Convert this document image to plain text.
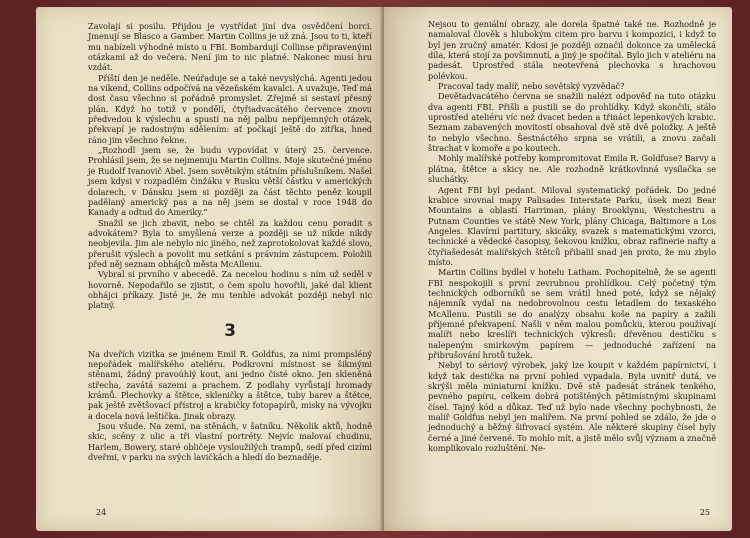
Zavolají si posilu. Přijdou je vystřídat jiní dva osvědčení borci. Jmenují se Blasco a Gamber. Martin Collins je už zná. Jsou to ti, kteří mu nabízeli výhodné místo u FBI. Bombardují Collinse připravenými otázkami až do večera. Není jim to nic platné. Nakonec musí hru vzdát.

Příští den je neděle. Neúřaduje se a také nevyslýchá. Agenti jedou na víkend, Collins odpočívá na vězeňském kavalci. A uvažuje. Teď má dost času všechno si pořádně promyslet. Zřejmě si sestaví přesný plán. Když ho totiž v pondělí, čtyřiadvacátého července znovu předvedou k výslechu a spustí na něj palbu nepříjemných otázek, překvapí je radostným sdělením: ať počkají ještě do zítřka, hned ráno jim všechno řekne.

„Rozhodl jsem se, že budu vypovídat v úterý 25. července. Prohlásil jsem, že se nejmenuju Martin Collins. Moje skutečné jméno je Rudolf Ivanovič Abel. Jsem sovětským státním příslušníkem. Našel jsem kdysi v rozpadlém činžáku v Rusku větší částku v amerických dolarech, v Dánsku jsem si později za část těchto peněz koupil padělaný americký pas a na něj jsem se dostal v roce 1948 do Kanady a odtud do Ameriky.“

Snažil se jich zbavit, nebo se chtěl za každou cenu poradit s advokátem? Byla to smyšlená verze a později se už nikde nikdy neobjevila. Jim ale nebylo nic jiného, než zaprotokolovat každé slovo, přerušit výslech a povolit mu setkání s právním zástupcem. Položili před něj seznam obhájců města McAllenu.

Vybral si prvního v abecedě. Za necelou hodinu s ním už seděl v hovorně. Nepodařilo se zjistit, o čem spolu hovořili, jaké dal klient obhájci příkazy. Jisté je, že mu tenhle advokát později nebyl nic platný.

3

Na dveřích vizitka se jménem Emil R. Goldfus, za nimi prompsléný nepořádek malířského ateliéru. Podkrovní místnost se šikmými stěnami, žádný pravoúhlý kout, ani jedno čisté okno. Jen skleněná střecha, zavátá sazemi a prachem. Z podlahy vyrůstají hromady krámů. Plechovky a štětce, skleničky a štětce, tuby barev a štětce, pak ještě zvětšovací přístroj a krabičky fotopapírů, misky na vývojku a docela nová leštička. Jinak obrazy.

Jsou všude. Na zemi, na stěnách, v šatníku. Několik aktů, hodně skic, scény z ulic a tři vlastní portréty. Nejvíc malovaí chudinu, Harlem, Bowery, staré obličeje vysloužilých trampů, sedí před cizími dveřmi, v parku na svých lavičkách a hledí do beznaděje.

24

Nejsou to geniální obrazy, ale dorela špatné také ne. Rozhodně je namaloval člověk s hlubokým citem pro barvu i kompozici, i když to byl jen zručný amatér. Kdosi je později označil dokonce za umělecká díla, která stojí za povšimnutí, a jiný je spočítal. Bylo jich v ateliéru na padesát. Uprostřed stála neotevřená plechovka s hrachovou polévkou.

Pracoval tady malíř, nebo sovětský vyzvědač?

Devětadvacátého června se snažili nalézt odpověď na tuto otázku dva agenti FBI. Přišli a pustili se do prohlídky. Když skončili, stálo uprostřed ateliéru víc než dvacet beden a třináct lepenkových krabic. Seznam zabavených movitostí obsahoval dvě stě dvě položky. A ještě to nebylo všechno. Šestnáctého srpna se vrátili, a znovu začali štrachat v komoře a po koutech.

Mohly malířské potřeby kompromitovat Emila R. Goldfuse? Barvy a plátna, štětce a skicy ne. Ale rozhodně krátkovlnná vysílačka se sluchátky.

Agent FBI byl pedant. Miloval systematický pořádek. Do jedné krabice srovnal mapy Palisades Interstate Parku, úsek mezi Bear Mountains a oblastí Harriman, plány Brooklynu, Westchestru a Putnam Counties ve státě New York, plány Chicaga, Baltimore a Los Angeles. Klavírní partitury, skicáky, svazek s matematickými vzorci, technické a vědecké časopisy, šekovou knížku, obraz rafinerie nafty a čtyřiašedesát malířských štětců přibalil snad jen proto, že mu zbylo místo.

Martin Collins bydlel v hotelu Latham. Pochopitelně, že se agenti FBI nespokojili s první zevrubnou prohlídkou. Celý početný tým technických odborníků se sem vrátil hned poté, když se nějaký nájemník vydal na nedobrovolnou cestu letadlem do texaského McAllenu. Pustili se do analýzy obsahu koše na papíry a zažili příjemné překvapení. Našli v něm malou pomůcku, kterou používají malíři nebo kreslíři technických výkresů: dřevěnou destičku s nalepeným smirkovým papírem — jednoduché zařízení na přibrušování hrotů tužek.

Nebyl to sériový výrobek, jaký lze koupit v každém papírnictví, i když tak destička na první pohled vypadala. Byla uvnitř dutá, ve skrýši měla miniaturní knížku. Dvě stě padesát stránek tenkého, pevného papíru, celkem dobrá potištěných pětimístnými skupinami čísel. Tajný kód a důkaz. Teď už bylo nade všechny pochybnosti, že malíř Goldfus nebyl jen malířem. Na první pohled se zdálo, že jde o jednoduchý a běžný šifrovací systém. Ale některé skupiny čísel byly černé a jiné červené. To mohlo mít, a jistě mělo svůj význam a značně komplikovalo rozluštění. Ne-

25
